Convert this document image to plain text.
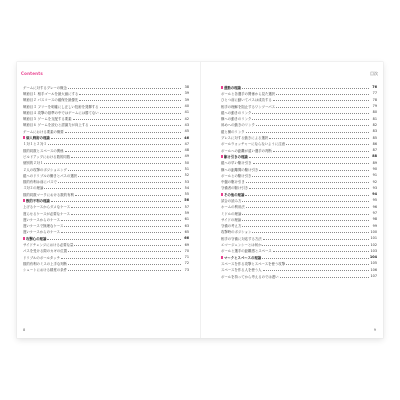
Contents	目次
ゲームに対するプレーの概念	38
戦術目１ 相手ゴールを最大値にする	39
戦術目２ パスコースの確保を最優先	39
戦術目３ フリーを明確にし正しい技術を発揮する	40
戦術目４ 攻撃の基準の中ではゲームには勝てない	41
戦術目５ ゲームを支配する要素	42
戦術目６ ゲームを読むと認識力が向上する	43
ゲームにおける要素の概要	45
個人戦術の理論	46
１対１と２対１	47
数的同数とスペースの関係	48
ビルドアップにおける数的同数	49
個別的２対１	50
２人の攻撃のポジショニング	51
縦へのドリブルの働きとパスの選択	52
数的有利は前にパスで	53
３対２の理論	54
数的同数マークにおける数的有利	55
数的不利の理論	56
上げるケースからダメなケース	57
遅らせるケースが必要なケース	59
遅いケースからのケース	61
遅いケースで無理なケース	63
遅いケースからのケース	65
攻撃心の理論	66
サイドチェンジにおける必要な量	69
パスを受ける際のカギの位置	70
ドリブルのボールタッチ	71
数的有利のミスの上手な判断	72
シュートにおける精度の条件	73
運動の理論	76
ボールと各選手の関係から見た選択	77
ひとつ前に動いてパスは成功する	78
相手の理解を阻止するワンツーパス	79
縦への動きのリンク	80
横への動きのリンク	81
斜めへの動きのリンク	82
縦と横のリンク	83
プレスに対する動きによる選択	85
ボールウォッチャーにならないように注意	86
ボールへの距離が遠い選手の判断	87
駆け引きの理論	88
縦への早い駆け引き	89
横への距離間の駆け引き	90
ボールとの駆け引き	91
中盤の駆け引き	92
守備者の駆け引き	93
その他の理論	94
試合の読み方	95
ホームの利用法	96
ミドルの理論	97
サイドの理論	98
守備の考え方	99
攻撃時のポジション	100
相手の守備に対応する方法	101
エマージェンシーとは何か	102
ボールと選手の距離感とスペース	103
マークとスペースの理論	104
スペースを作る攻撃とスペースを使う攻撃	105
スペースを作る人を使う人	106
ボールを持ってから考えるのでは遅い	107
8	9
